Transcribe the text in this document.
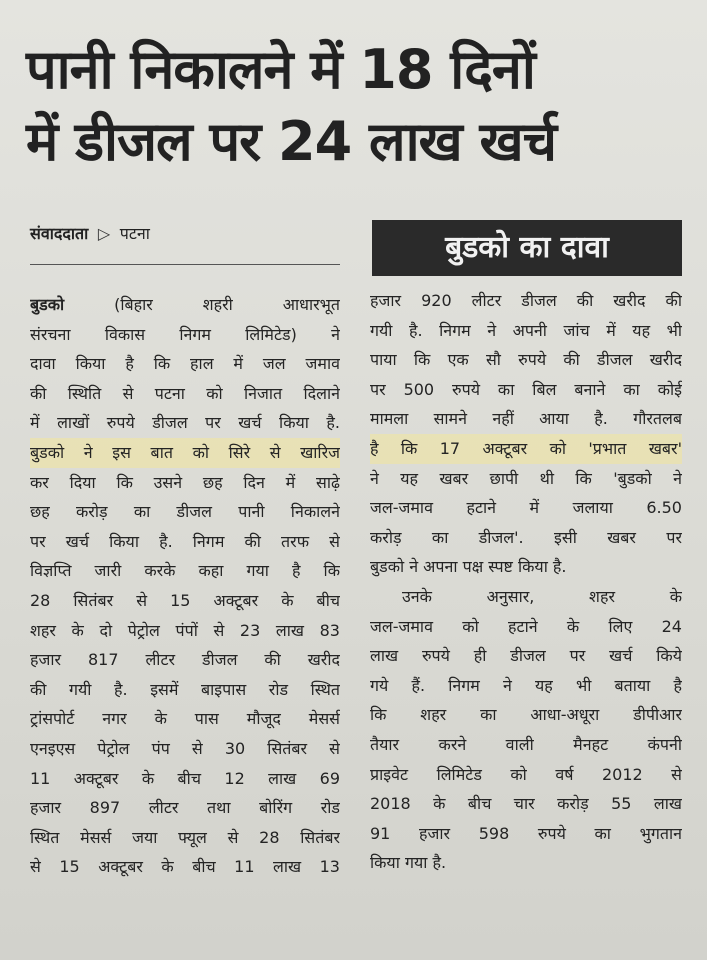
पानी निकालने में 18 दिनों
में डीजल पर 24 लाख खर्च
संवाददाता ▷ पटना	बुडको का दावा
बुडको (बिहार शहरी आधारभूत
संरचना विकास निगम लिमिटेड) ने
दावा किया है कि हाल में जल जमाव
की स्थिति से पटना को निजात दिलाने
में लाखों रुपये डीजल पर खर्च किया है.
बुडको ने इस बात को सिरे से खारिज
कर दिया कि उसने छह दिन में साढ़े
छह करोड़ का डीजल पानी निकालने
पर खर्च किया है. निगम की तरफ से
विज्ञप्ति जारी करके कहा गया है कि
28 सितंबर से 15 अक्टूबर के बीच
शहर के दो पेट्रोल पंपों से 23 लाख 83
हजार 817 लीटर डीजल की खरीद
की गयी है. इसमें बाइपास रोड स्थित
ट्रांसपोर्ट नगर के पास मौजूद मेसर्स
एनइएस पेट्रोल पंप से 30 सितंबर से
11 अक्टूबर के बीच 12 लाख 69
हजार 897 लीटर तथा बोरिंग रोड
स्थित मेसर्स जया फ्यूल से 28 सितंबर
से 15 अक्टूबर के बीच 11 लाख 13
हजार 920 लीटर डीजल की खरीद की
गयी है. निगम ने अपनी जांच में यह भी
पाया कि एक सौ रुपये की डीजल खरीद
पर 500 रुपये का बिल बनाने का कोई
मामला सामने नहीं आया है. गौरतलब
है कि 17 अक्टूबर को 'प्रभात खबर'
ने यह खबर छापी थी कि 'बुडको ने
जल-जमाव हटाने में जलाया 6.50
करोड़ का डीजल'. इसी खबर पर
बुडको ने अपना पक्ष स्पष्ट किया है.
उनके अनुसार, शहर के
जल-जमाव को हटाने के लिए 24
लाख रुपये ही डीजल पर खर्च किये
गये हैं. निगम ने यह भी बताया है
कि शहर का आधा-अधूरा डीपीआर
तैयार करने वाली मैनहट कंपनी
प्राइवेट लिमिटेड को वर्ष 2012 से
2018 के बीच चार करोड़ 55 लाख
91 हजार 598 रुपये का भुगतान
किया गया है.
